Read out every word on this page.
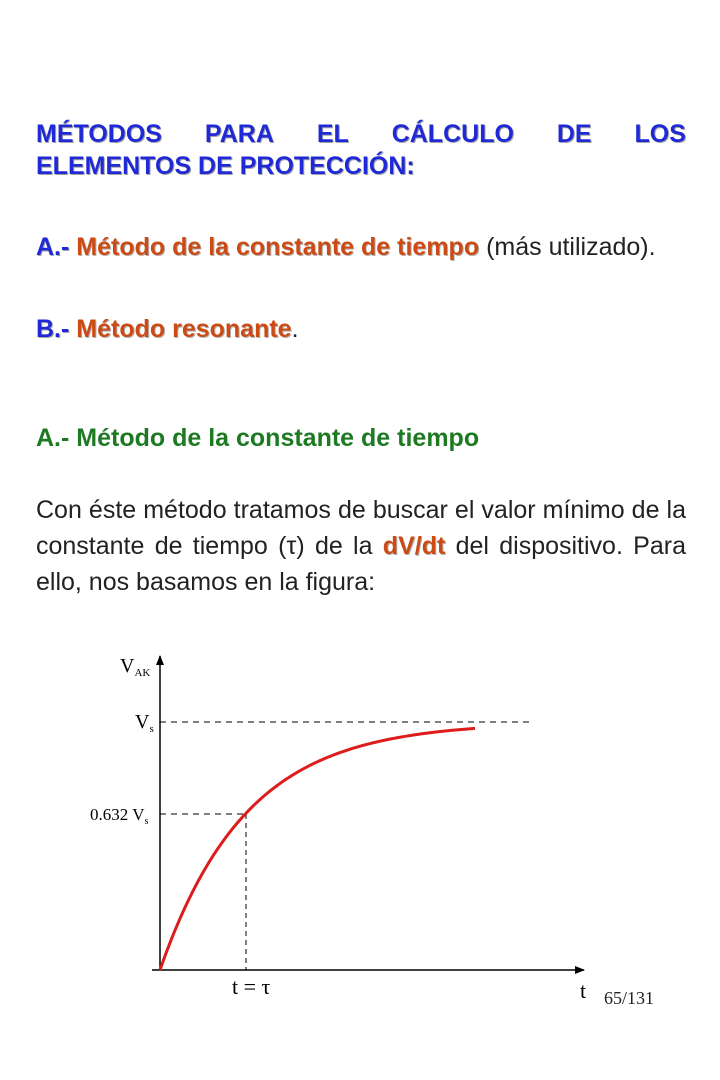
MÉTODOS PARA EL CÁLCULO DE LOS
ELEMENTOS DE PROTECCIÓN:
A.- Método de la constante de tiempo (más utilizado).
B.- Método resonante.
A.- Método de la constante de tiempo
Con éste método tratamos de buscar el valor mínimo de la constante de tiempo (τ) de la dV/dt del dispositivo. Para ello, nos basamos en la figura:
$V_{AK}$
$V_s$
0.632 $V_s$
t = τ	t 65/131
